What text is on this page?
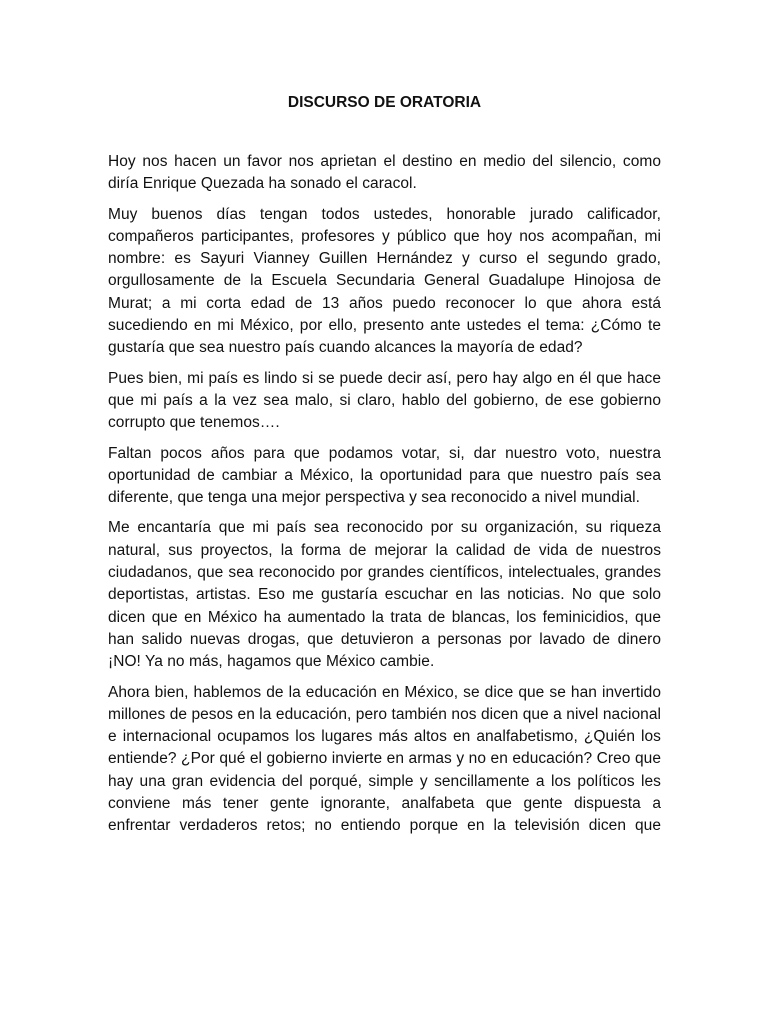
DISCURSO DE ORATORIA

Hoy nos hacen un favor nos aprietan el destino en medio del silencio, como diría Enrique Quezada ha sonado el caracol.

Muy buenos días tengan todos ustedes, honorable jurado calificador, compañeros participantes, profesores y público que hoy nos acompañan, mi nombre: es Sayuri Vianney Guillen Hernández y curso el segundo grado, orgullosamente de la Escuela Secundaria General Guadalupe Hinojosa de Murat; a mi corta edad de 13 años puedo reconocer lo que ahora está sucediendo en mi México, por ello, presento ante ustedes el tema: ¿Cómo te gustaría que sea nuestro país cuando alcances la mayoría de edad?

Pues bien, mi país es lindo si se puede decir así, pero hay algo en él que hace que mi país a la vez sea malo, si claro, hablo del gobierno, de ese gobierno corrupto que tenemos….

Faltan pocos años para que podamos votar, si, dar nuestro voto, nuestra oportunidad de cambiar a México, la oportunidad para que nuestro país sea diferente, que tenga una mejor perspectiva y sea reconocido a nivel mundial.

Me encantaría que mi país sea reconocido por su organización, su riqueza natural, sus proyectos, la forma de mejorar la calidad de vida de nuestros ciudadanos, que sea reconocido por grandes científicos, intelectuales, grandes deportistas, artistas. Eso me gustaría escuchar en las noticias. No que solo dicen que en México ha aumentado la trata de blancas, los feminicidios, que han salido nuevas drogas, que detuvieron a personas por lavado de dinero ¡NO! Ya no más, hagamos que México cambie.

Ahora bien, hablemos de la educación en México, se dice que se han invertido millones de pesos en la educación, pero también nos dicen que a nivel nacional e internacional ocupamos los lugares más altos en analfabetismo, ¿Quién los entiende? ¿Por qué el gobierno invierte en armas y no en educación? Creo que hay una gran evidencia del porqué, simple y sencillamente a los políticos les conviene más tener gente ignorante, analfabeta que gente dispuesta a enfrentar verdaderos retos; no entiendo porque en la televisión dicen que
